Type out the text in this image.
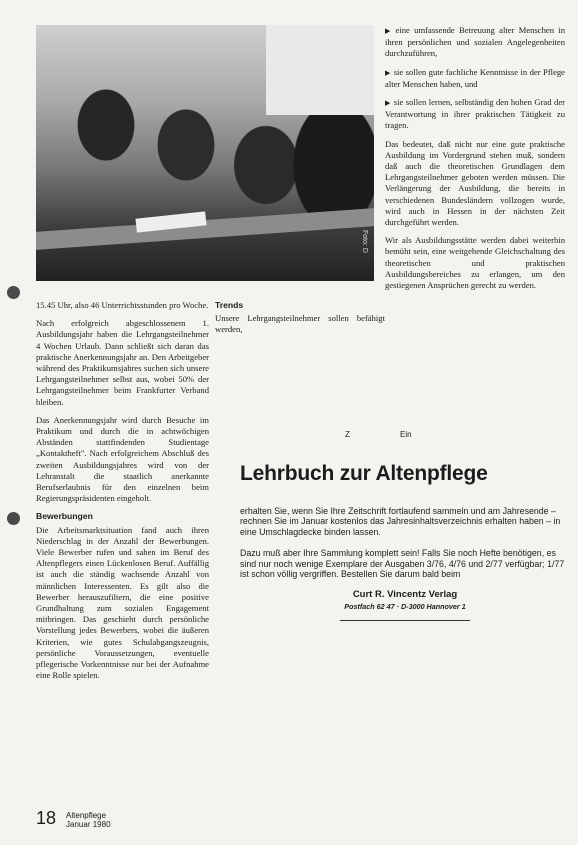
Foto: D

15.45 Uhr, also 46 Unterrichtsstunden pro Woche.

Nach erfolgreich abgeschlossenem 1. Ausbildungsjahr haben die Lehrgangsteilnehmer 4 Wochen Urlaub. Dann schließt sich daran das praktische Anerkennungsjahr an. Den Arbeitgeber während des Praktikumsjahres suchen sich unsere Lehrgangsteilnehmer selbst aus, wobei 50% der Lehrgangsteilnehmer beim Frankfurter Verband bleiben.

Das Anerkennungsjahr wird durch Besuche im Praktikum und durch die in achtwöchigen Abständen stattfindenden Studientage „Kontaktheft". Nach erfolgreichem Abschluß des zweiten Ausbildungsjahres wird von der Lehranstalt die staatlich anerkannte Berufserlaubnis für den einzelnen beim Regierungspräsidenten eingeholt.

Bewerbungen

Die Arbeitsmarktsituation fand auch ihren Niederschlag in der Anzahl der Bewerbungen. Viele Bewerber rufen und sahen im Beruf des Altenpflegers einen Lückenlosen Beruf. Auffällig ist auch die ständig wachsende Anzahl von männlichen Interessenten. Es gilt also die Bewerber herauszufiltern, die eine positive Grundhaltung zum sozialen Engagement mitbringen. Das geschieht durch persönliche Vorstellung jedes Bewerbers, wobei die äußeren Kriterien, wie gutes Schulabgangszeugnis, persönliche Voraussetzungen, eventuelle pflegerische Vorkenntnisse nur bei der Aufnahme eine Rolle spielen.

Trends

Unsere Lehrgangsteilnehmer sollen befähigt werden,

▶ eine umfassende Betreuung alter Menschen in ihren persönlichen und sozialen Angelegenheiten durchzuführen,

▶ sie sollen gute fachliche Kenntnisse in der Pflege alter Menschen haben, und

▶ sie sollen lernen, selbständig den hohen Grad der Verantwortung in ihrer praktischen Tätigkeit zu tragen.

Das bedeutet, daß nicht nur eine gute praktische Ausbildung im Vordergrund stehen muß, sondern daß auch die theoretischen Grundlagen dem Lehrgangsteilnehmer geboten werden müssen. Die Verlängerung der Ausbildung, die bereits in verschiedenen Bundesländern vollzogen wurde, wird auch in Hessen in der nächsten Zeit durchgeführt werden.

Wir als Ausbildungsstätte werden dabei weiterhin bemüht sein, eine weitgehende Gleichschaltung des theoretischen und praktischen Ausbildungsbereiches zu erlangen, um den gestiegenen Ansprüchen gerecht zu werden.

Z	Ein
Lehrbuch zur Altenpflege

erhalten Sie, wenn Sie Ihre Zeitschrift fortlaufend sammeln und am Jahresende – rechnen Sie im Januar kostenlos das Jahresinhaltsverzeichnis erhalten haben – in eine Umschlagdecke binden lassen.

Dazu muß aber Ihre Sammlung komplett sein! Falls Sie noch Hefte benötigen, es sind nur noch wenige Exemplare der Ausgaben 3/76, 4/76 und 2/77 verfügbar; 1/77 ist schon völlig vergriffen. Bestellen Sie darum bald beim

Curt R. Vincentz Verlag

Postfach 62 47 · D-3000 Hannover 1

18 Altenpflege
Januar 1980
